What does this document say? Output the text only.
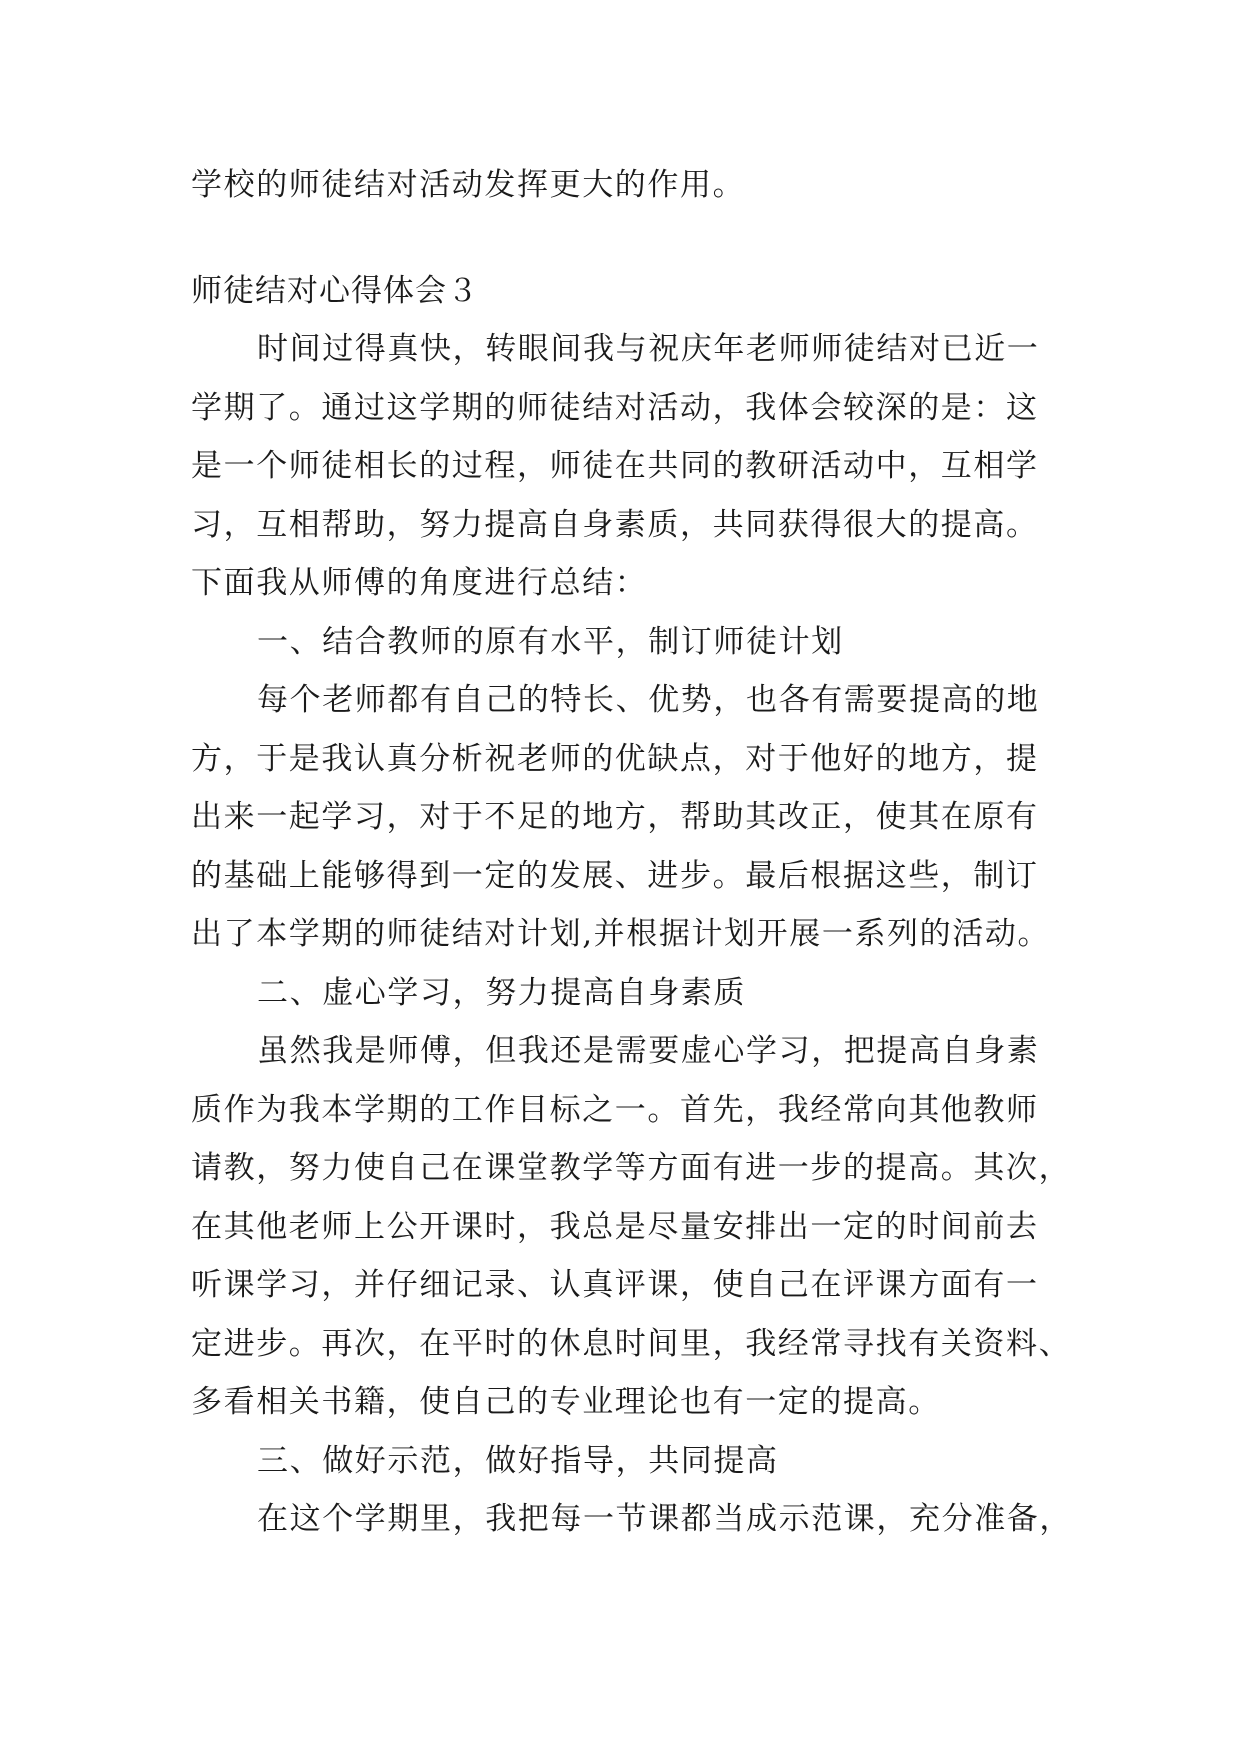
学校的师徒结对活动发挥更大的作用。
师徒结对心得体会３
时间过得真快，转眼间我与祝庆年老师师徒结对已近一
学期了。通过这学期的师徒结对活动，我体会较深的是：这
是一个师徒相长的过程，师徒在共同的教研活动中，互相学
习，互相帮助，努力提高自身素质，共同获得很大的提高。
下面我从师傅的角度进行总结：
一、结合教师的原有水平，制订师徒计划
每个老师都有自己的特长、优势，也各有需要提高的地
方，于是我认真分析祝老师的优缺点，对于他好的地方，提
出来一起学习，对于不足的地方，帮助其改正，使其在原有
的基础上能够得到一定的发展、进步。最后根据这些，制订
出了本学期的师徒结对计划,并根据计划开展一系列的活动。
二、虚心学习，努力提高自身素质
虽然我是师傅，但我还是需要虚心学习，把提高自身素
质作为我本学期的工作目标之一。首先，我经常向其他教师
请教，努力使自己在课堂教学等方面有进一步的提高。其次，
在其他老师上公开课时，我总是尽量安排出一定的时间前去
听课学习，并仔细记录、认真评课，使自己在评课方面有一
定进步。再次，在平时的休息时间里，我经常寻找有关资料、
多看相关书籍，使自己的专业理论也有一定的提高。
三、做好示范，做好指导，共同提高
在这个学期里，我把每一节课都当成示范课，充分准备，
